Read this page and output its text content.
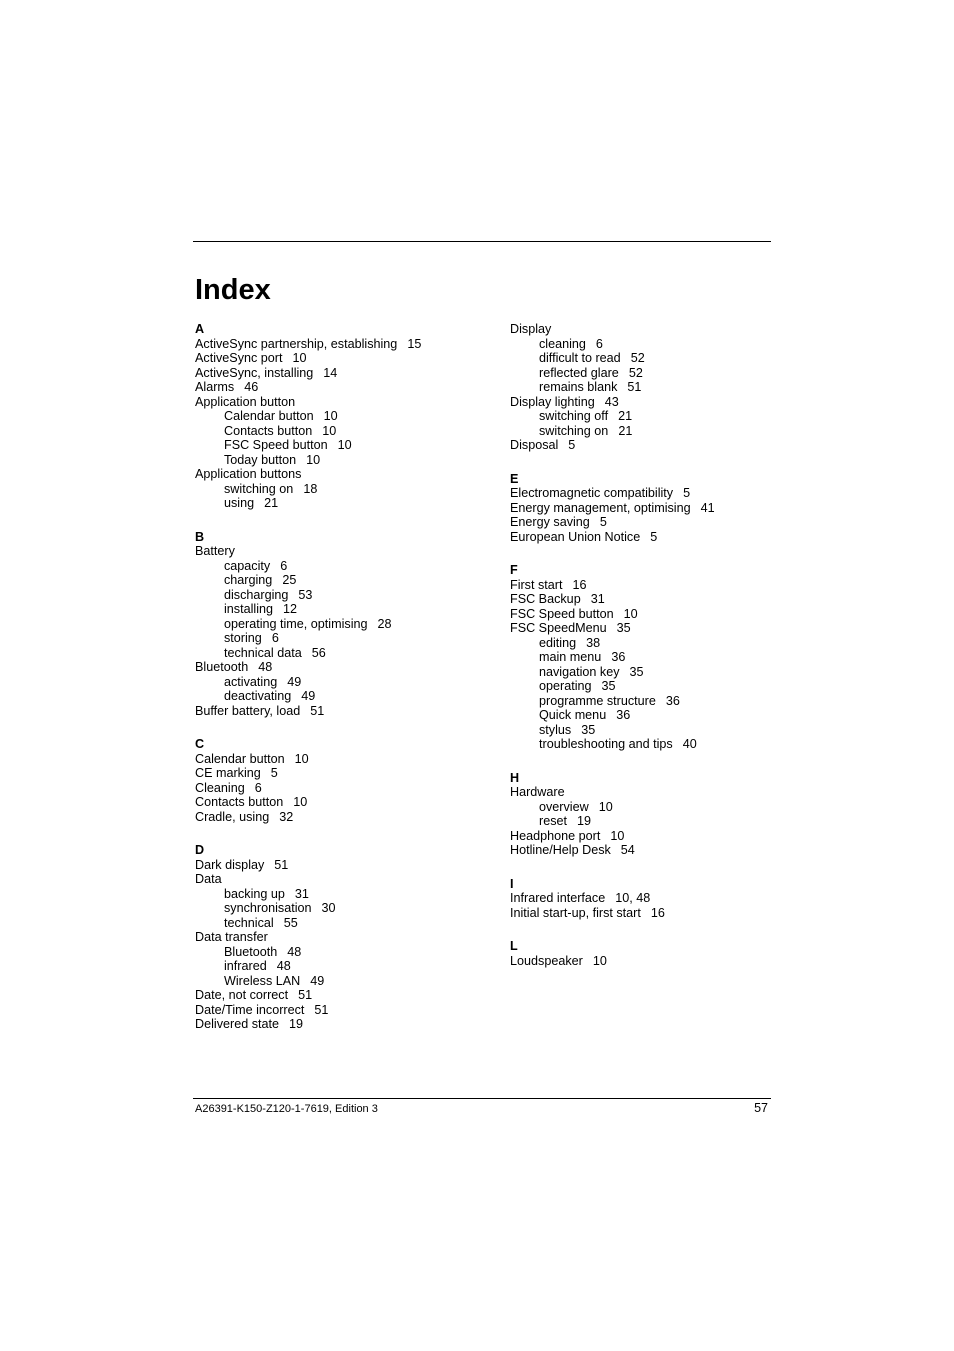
Index
A
ActiveSync partnership, establishing 15
ActiveSync port 10
ActiveSync, installing 14
Alarms 46
Application button
Calendar button 10
Contacts button 10
FSC Speed button 10
Today button 10
Application buttons
switching on 18
using 21
B
Battery
capacity 6
charging 25
discharging 53
installing 12
operating time, optimising 28
storing 6
technical data 56
Bluetooth 48
activating 49
deactivating 49
Buffer battery, load 51
C
Calendar button 10
CE marking 5
Cleaning 6
Contacts button 10
Cradle, using 32
D
Dark display 51
Data
backing up 31
synchronisation 30
technical 55
Data transfer
Bluetooth 48
infrared 48
Wireless LAN 49
Date, not correct 51
Date/Time incorrect 51
Delivered state 19
Display
cleaning 6
difficult to read 52
reflected glare 52
remains blank 51
Display lighting 43
switching off 21
switching on 21
Disposal 5
E
Electromagnetic compatibility 5
Energy management, optimising 41
Energy saving 5
European Union Notice 5
F
First start 16
FSC Backup 31
FSC Speed button 10
FSC SpeedMenu 35
editing 38
main menu 36
navigation key 35
operating 35
programme structure 36
Quick menu 36
stylus 35
troubleshooting and tips 40
H
Hardware
overview 10
reset 19
Headphone port 10
Hotline/Help Desk 54
I
Infrared interface 10, 48
Initial start-up, first start 16
L
Loudspeaker 10
A26391-K150-Z120-1-7619, Edition 3	57
